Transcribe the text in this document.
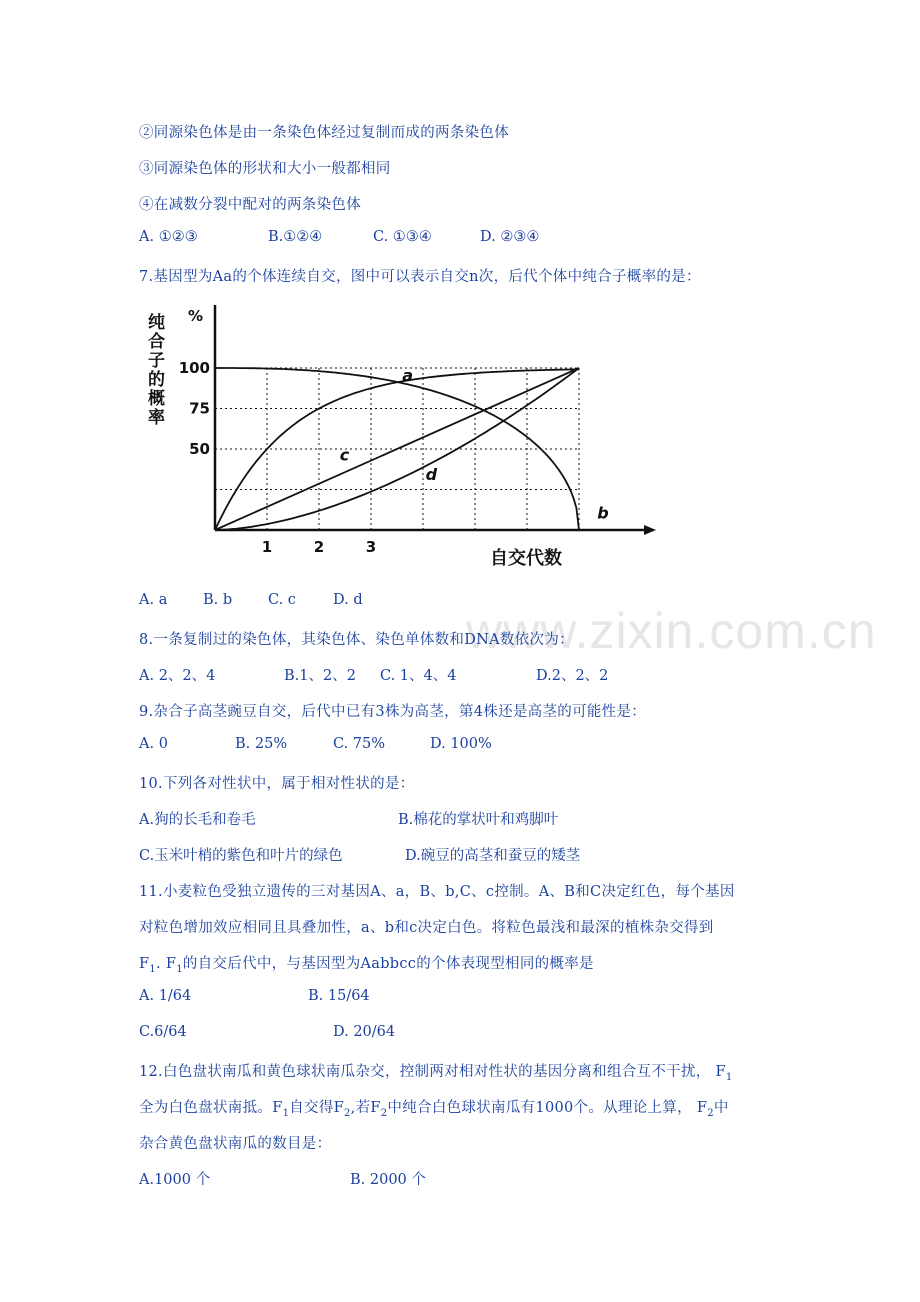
②同源染色体是由一条染色体经过复制而成的两条染色体
③同源染色体的形状和大小一般都相同
④在减数分裂中配对的两条染色体
A. ①②③	B.①②④	C. ①③④	D. ②③④
7.基因型为Aa的个体连续自交，图中可以表示自交n次，后代个体中纯合子概率的是：
a
b
c
d
100
75
50
1	2	3
%
纯
合
子
的
概
率
自交代数
A. a B. b C. c	D. d
www.zixin.com.cn
8.一条复制过的染色体，其染色体、染色单体数和DNA数依次为：
A. 2、2、4	B.1、2、2 C. 1、4、4	D.2、2、2
9.杂合子高茎豌豆自交，后代中已有3株为高茎，第4株还是高茎的可能性是：
A. 0	B. 25%	C. 75%	D. 100%
10.下列各对性状中，属于相对性状的是：
A.狗的长毛和卷毛	B.棉花的掌状叶和鸡脚叶
C.玉米叶梢的紫色和叶片的绿色	D.碗豆的高茎和蚕豆的矮茎
11.小麦粒色受独立遗传的三对基因A、a，B、b,C、c控制。A、B和C决定红色，每个基因
对粒色增加效应相同且具叠加性，a、b和c决定白色。将粒色最浅和最深的植株杂交得到
$F_1$. $F_1$的自交后代中，与基因型为Aabbcc的个体表现型相同的概率是
A. 1/64	B. 15/64
C.6/64	D. 20/64
12.白色盘状南瓜和黄色球状南瓜杂交，控制两对相对性状的基因分离和组合互不干扰， $F_1$
全为白色盘状南抵。$F_1$自交得$F_2$,若$F_2$中纯合白色球状南瓜有1000个。从理论上算， $F_2$中
杂合黄色盘状南瓜的数目是：
A.1000 个	B. 2000 个
